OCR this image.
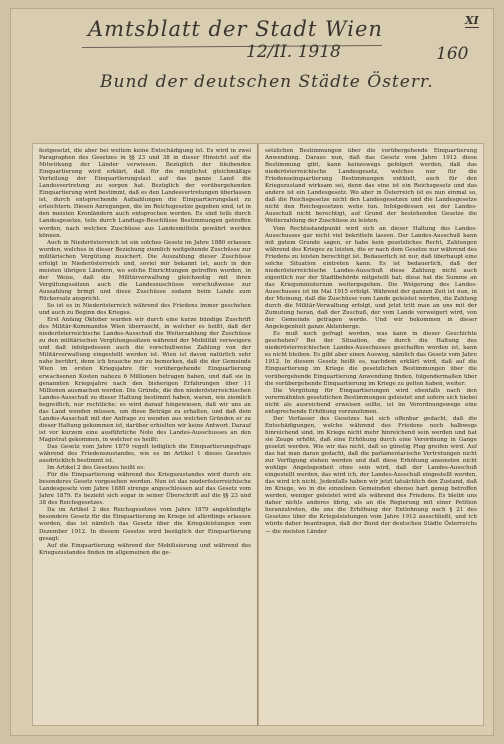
Amtsblatt der Stadt Wien	XI
12/II. 1918	160
Bund der deutschen Städte Österr.

festgesetzt, die aber bei weitem keine Entschädigung ist. Es wird in zwei Paragraphen des Gesetzes in §§ 23 und 38 in dieser Hinsicht auf die Mitwirkung der Länder verwiesen. Bezüglich der bleibenden Einquartierung wird erklärt, daß für die möglichst gleichmäßige Verteilung der Einquartierungslast auf das ganze Land die Landesvertretung zu sorgen hat. Bezüglich der vorübergehenden Einquartierung wird bestimmt, daß es den Landesvertretungen überlassen ist, durch entsprechende Aufzahlungen die Einquartierungslast zu erleichtern. Diesen Anregungen, die im Reichsgesetze gegeben sind, ist in den meisten Kronländern auch entsprochen worden. Es sind teils durch Landesgesetze, teils durch Landtags-Beschlüsse Bestimmungen getroffen worden, nach welchen Zuschüsse aus Landesmitteln gewährt werden können.

Auch in Niederösterreich ist ein solches Gesetz im Jahre 1880 erlassen worden, welches in dieser Beziehung ziemlich weitgehende Zuschüsse zur militärischen Vergütung zusichert. Die Auszahlung dieser Zuschüsse erfolgt in Niederösterreich und, soviel mir bekannt ist, auch in den meisten übrigen Ländern, wo solche Einrichtungen getroffen worden, in der Weise, daß die Militärverwaltung gleichzeitig mit ihren Vergütungssätzen auch die Landeszuschüsse vorschußweise zur Auszahlung bringt und diese Zuschüsse sodann beim Lande zum Rückersatz anspricht.

So ist es in Niederösterreich während des Friedens immer geschehen und auch zu Beginn des Krieges.

Erst Anfang Oktober wurden wir durch eine kurze bündige Zuschrift des Militär-Kommandos Wien überrascht, in welcher es heißt, daß der niederösterreichische Landes-Ausschuß die Weiterzahlung der Zuschüsse zu den militärischen Vergütungssätzen während der Mobilität verweigere und daß infolgedessen auch die vorschußweise Zahlung von der Militärverwaltung eingestellt werden ist. Wien ist davon natürlich sehr nahe berührt, denn ich brauche nur zu bemerken, daß die der Gemeinde Wien im ersten Kriegsjahre für vorübergehende Einquartierung erwachsenen Kosten nahezu 6 Millionen betragen haben, und daß sie in genannten Kriegsjahre nach den bisherigen Erfahrungen über 11 Millionen ausmachen werden. Die Gründe, die den niederösterreichischen Landes-Ausschuß zu dieser Haltung bestimmt haben, waren, wie ziemlich begreiflich, nur rechtliche: es wird darauf hingewiesen, daß wir uns an das Land wenden müssen, um diese Beträge zu erhalten, und daß dem Landes-Ausschuß mit der Anfrage zu wenden aus welchen Gründen er zu dieser Haltung gekommen ist, darüber erhielten wir keine Antwort. Darauf ist vor kurzem eine ausführliche Note des Landes-Ausschusses an den Magistrat gekommen, in welcher es heißt:

Das Gesetz vom Jahre 1879 regelt lediglich die Einquartierungsfrage während des Friedenszustandes, wie es im Artikel 1 dieses Gesetzes ausdrücklich bestimmt ist.

Im Artikel 2 des Gesetzes heißt es:

Für die Einquartierung während des Kriegszustandes wird durch ein besonderes Gesetz vorgesehen werden. Nun ist das niederösterreichische Landesgesetz vom Jahre 1880 strenge angeschlossen auf das Gesetz vom Jahre 1879. Es bezieht sich sogar in seiner Überschrift auf die §§ 23 und 38 des Reichsgesetzes.

Da im Artikel 2 des Reichsgesetzes vom Jahre 1879 angekündigte besondere Gesetz für die Einquartierung im Kriege ist allerdings erlassen worden, das ist nämlich das Gesetz über die Kriegsleistungen vom Dezember 1912. In diesem Gesetze wird bezüglich der Einquartierung gesagt:

Auf die Einquartierung während der Mobilisierung und während des Kriegszustandes finden im allgemeinen die ge-

setzlichen Bestimmungen über die vorübergehende Einquartierung Anwendung. Daraus nun, daß das Gesetz vom Jahre 1912 diese Bestimmung gibt, kann keineswegs gefolgert werden, daß das niederösterreichische Landesgesetz, welches nur für die Friedenseinquartierung Bestimmungen enthielt, auch für den Kriegszustand wirksam sei, denn das eine ist ein Reichsgesetz und das andere ist ein Landesgesetz. Wo aber in Österreich ist es nun einmal so, daß die Reichsgesetze nicht den Landesgesetzen und die Landesgesetze nicht den Reichsgesetzen wehe tun. Infolgedessen sei der Landes-Ausschuß nicht berechtigt, auf Grund der bestehenden Gesetze die Weiterzahlung der Zuschüsse zu leisten.

Vom Rechtsstandpunkt wird sich an dieser Haltung des Landes-Ausschusses gar nicht viel bekritteln lassen. Der Landes-Ausschuß kann mit gutem Grunde sagen, er habe kein gesetzliches Recht, Zahlungen während des Krieges zu leisten, die er nach dem Gesetze nur während des Friedens zu leisten berechtigt ist. Bedauerlich ist nur, daß überhaupt eine solche Situation eintreten kann. Es ist bedauerlich, daß der niederösterreichische Landes-Ausschuß diese Zahlung nicht auch eigentlich nur der Stadtbehörde mitgeteilt hat; diese hat die Summe an das Kriegsministerium weitergegeben. Die Weigerung des Landes-Ausschusses ist im Mai 1915 erfolgt. Während der ganzen Zeit ist nun, in der Meinung, daß die Zuschüsse vom Lande geleistet werden, die Zahlung durch die Militär-Verwaltung erfolgt, und jetzt tritt man an uns mit der Zumutung heran, daß der Zuschuß, der vom Lande verweigert wird, von der Gemeinde getragen werde. Und wir bekommen in dieser Angelegenheit ganze Aktenberge.

Es muß noch gefragt werden, was kann in dieser Geschichte geschehen? Bei der Situation, die durch die Haltung des niederösterreichischen Landes-Ausschusses geschaffen worden ist, kann es nicht bleiben. Es gibt aber einen Ausweg, nämlich das Gesetz vom Jahre 1912. In diesem Gesetz heißt es, nachdem erklärt wird, daß auf die Einquartierung im Kriege die gesetzlichen Bestimmungen über die vorübergehende Einquartierung Anwendung finden, folgendermaßen über die vorübergehende Einquartierung im Kriege zu gelten haben, weiter:

Die Vergütung für Einquartierungen wird ebenfalls nach den vorermähnten gesetzlichen Bestimmungen geleistet und sofern sich hiebei nicht als ausreichend erweisen sollte, ist im Verordnungswege eine entsprechende Erhöhung vorzunehmen.

Der Verfasser des Gesetzes hat sich offenbar gedacht, daß die Entschädigungen, welche während des Friedens noch halbwegs hinreichend sind, im Kriege nicht mehr hinreichend sein werden und hat sie Zeuge erhöht, daß eine Erhöhung durch eine Verordnung in Gange gesetzt werden. Wie wir das nicht, daß so günstig Plug greifen wird. Auf das hat man daran gedacht, daß die parlamentarische Vertretungen nicht zur Verfügung stehen werden und daß diese Erhöhung ansonsten nicht wohlige Angelegenheit ohne sein wird, daß der Landes-Ausschuß eingestellt werden, das wird ich, der Landes-Ausschuß eingestellt werden, das wird ich nicht. Jedenfalls haben wir jetzt tatsächlich den Zustand, daß im Kriege, wo in die einzelnen Gemeinden ebenso hart genug betroffen werden, weniger geleistet wird als während des Friedens. Es bleibt uns daher nichts anderes übrig, als an die Regierung mit einer Petition heranzutreten, die uns die Erhöhung der Entlohnung nach § 21 des Gesetzes über die Kriegsleistungen vom Jahre 1912 ausschließt, und ich würde daher beantragen, daß der Bund der deutschen Städte Österreichs — die meisten Länder
